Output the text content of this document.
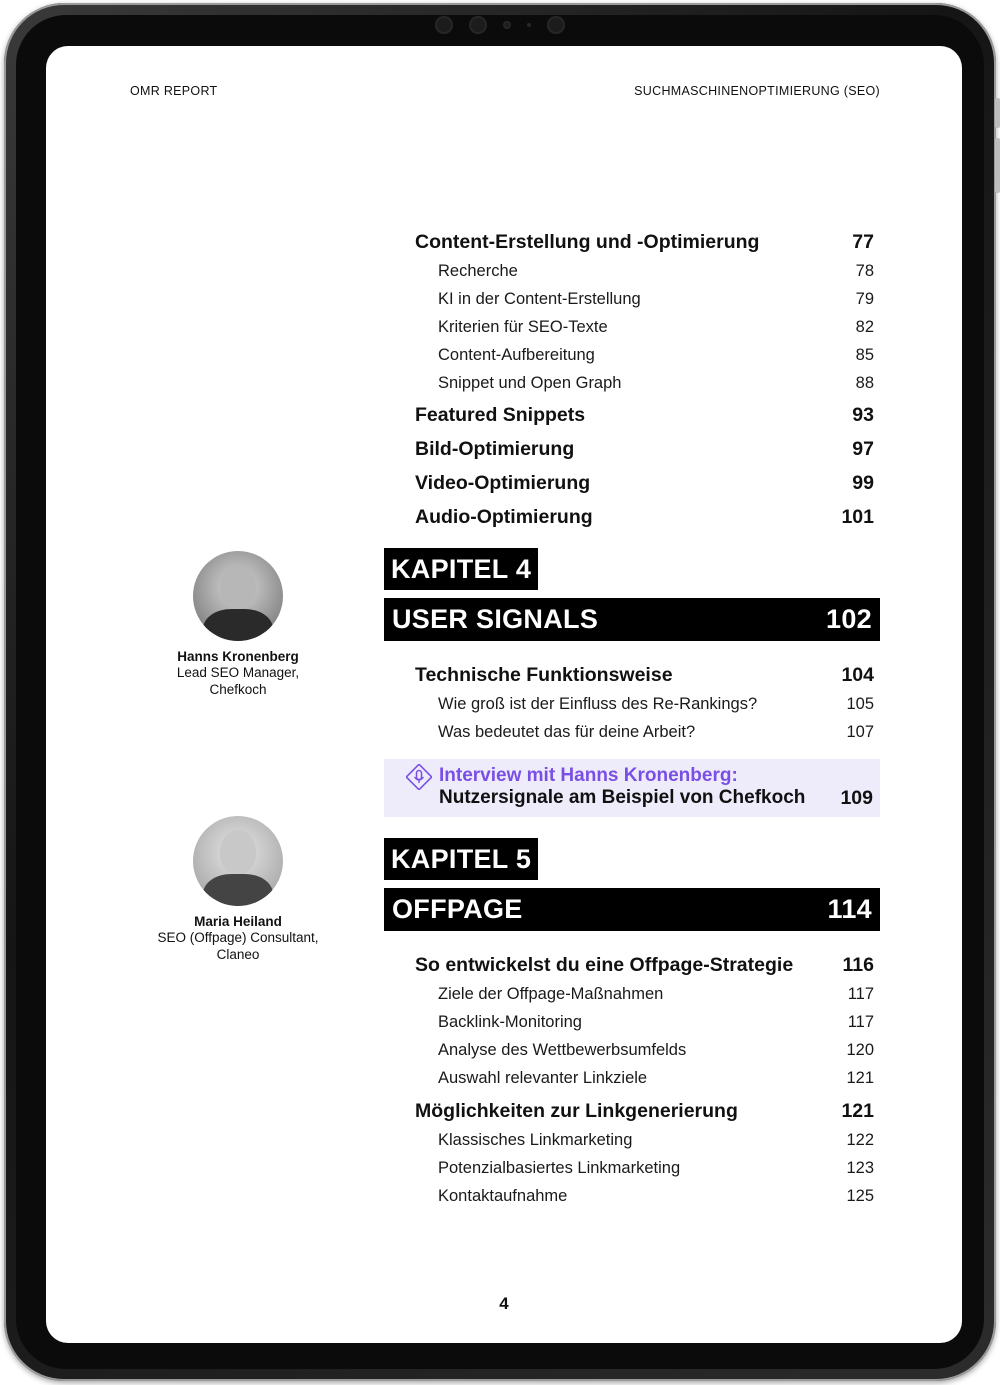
OMR REPORT	SUCHMASCHINENOPTIMIERUNG (SEO)
Content-Erstellung und -Optimierung	77
Recherche	78
KI in der Content-Erstellung	79
Kriterien für SEO-Texte	82
Content-Aufbereitung	85
Snippet und Open Graph	88
Featured Snippets	93
Bild-Optimierung	97
Video-Optimierung	99
Audio-Optimierung	101
KAPITEL 4
USER SIGNALS	102
Technische Funktionsweise	104
Wie groß ist der Einfluss des Re-Rankings?	105
Was bedeutet das für deine Arbeit?	107
Interview mit Hanns Kronenberg:
Nutzersignale am Beispiel von Chefkoch 109
KAPITEL 5
OFFPAGE	114
So entwickelst du eine Offpage-Strategie	116
Ziele der Offpage-Maßnahmen	117
Backlink-Monitoring	117
Analyse des Wettbewerbsumfelds	120
Auswahl relevanter Linkziele	121
Möglichkeiten zur Linkgenerierung	121
Klassisches Linkmarketing	122
Potenzialbasiertes Linkmarketing	123
Kontaktaufnahme	125
Hanns Kronenberg
Lead SEO Manager,
Chefkoch
Maria Heiland
SEO (Offpage) Consultant,
Claneo
4
